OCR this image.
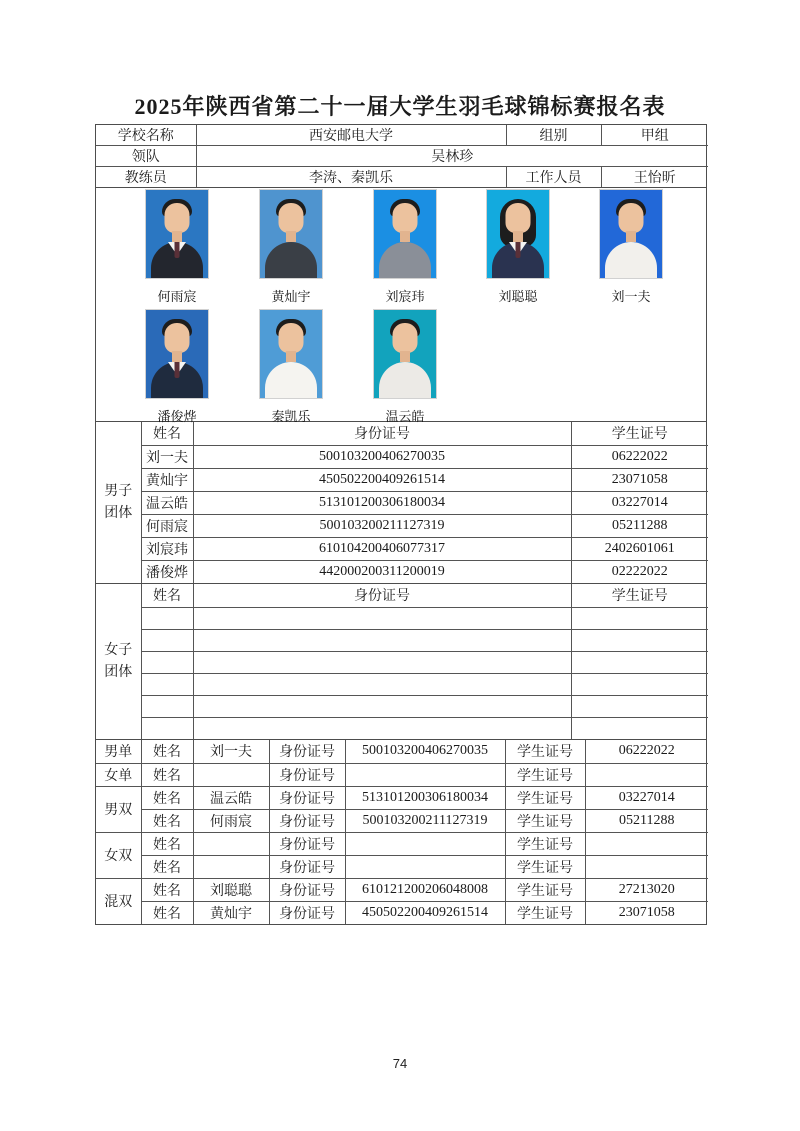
2025年陕西省第二十一届大学生羽毛球锦标赛报名表
学校名称	西安邮电大学	组别	甲组
领队	吴林珍		
教练员	李涛、秦凯乐	工作人员	王怡昕
何雨宸	黄灿宇	刘宸玮	刘聪聪	刘一夫
潘俊烨	秦凯乐	温云皓
男子团体	姓名	身份证号	学生证号
	刘一夫	500103200406270035	06222022
	黄灿宇	450502200409261514	23071058
	温云皓	513101200306180034	03227014
	何雨宸	500103200211127319	05211288
	刘宸玮	610104200406077317	2402601061
	潘俊烨	442000200311200019	02222022
女子团体	姓名	身份证号	学生证号

男单	姓名	刘一夫	身份证号	500103200406270035	学生证号	06222022
女单	姓名		身份证号		学生证号	
男双	姓名	温云皓	身份证号	513101200306180034	学生证号	03227014
	姓名	何雨宸	身份证号	500103200211127319	学生证号	05211288
女双	姓名		身份证号		学生证号	
	姓名		身份证号		学生证号	
混双	姓名	刘聪聪	身份证号	610121200206048008	学生证号	27213020
	姓名	黄灿宇	身份证号	450502200409261514	学生证号	23071058
74
